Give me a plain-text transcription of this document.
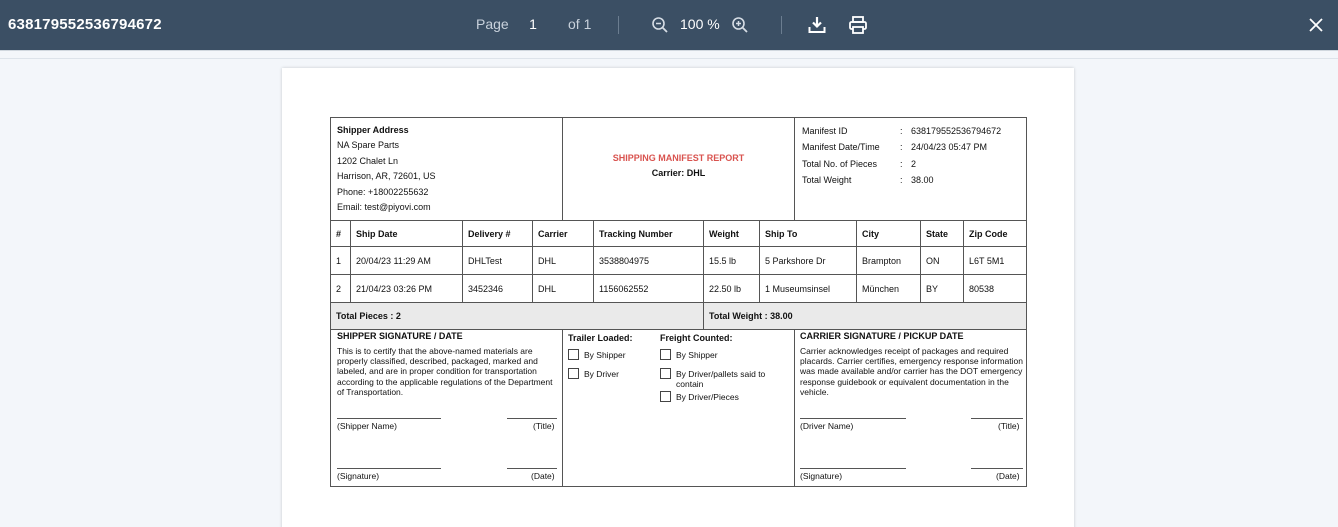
638179552536794672	Page
1	of 1	100 %
Shipper Address
NA Spare Parts
1202 Chalet Ln
Harrison, AR, 72601, US
Phone: +18002255632
Email: test@piyovi.com
SHIPPING MANIFEST REPORT
Carrier: DHL
Manifest ID	: 638179552536794672
Manifest Date/Time	: 24/04/23 05:47 PM
Total No. of Pieces	: 2
Total Weight	: 38.00
#	Ship Date	Delivery #	Carrier	Tracking Number	Weight	Ship To	City	State	Zip Code
1	20/04/23 11:29 AM	DHLTest	DHL	3538804975	15.5 lb	5 Parkshore Dr	Brampton	ON	L6T 5M1
2	21/04/23 03:26 PM	3452346	DHL	1156062552	22.50 lb	1 Museumsinsel	München	BY	80538
Total Pieces : 2	Total Weight : 38.00
SHIPPER SIGNATURE / DATE
This is to certify that the above-named materials are properly classified, described, packaged, marked and labeled, and are in proper condition for transportation according to the applicable regulations of the Department of Transportation.
(Shipper Name)	(Title)
(Signature)	(Date)
Trailer Loaded:
By Shipper
By Driver
Freight Counted:
By Shipper
By Driver/pallets said to contain
By Driver/Pieces
CARRIER SIGNATURE / PICKUP DATE
Carrier acknowledges receipt of packages and required placards. Carrier certifies, emergency response information was made available and/or carrier has the DOT emergency response guidebook or equivalent documentation in the vehicle.
(Driver Name)	(Title)
(Signature)	(Date)
